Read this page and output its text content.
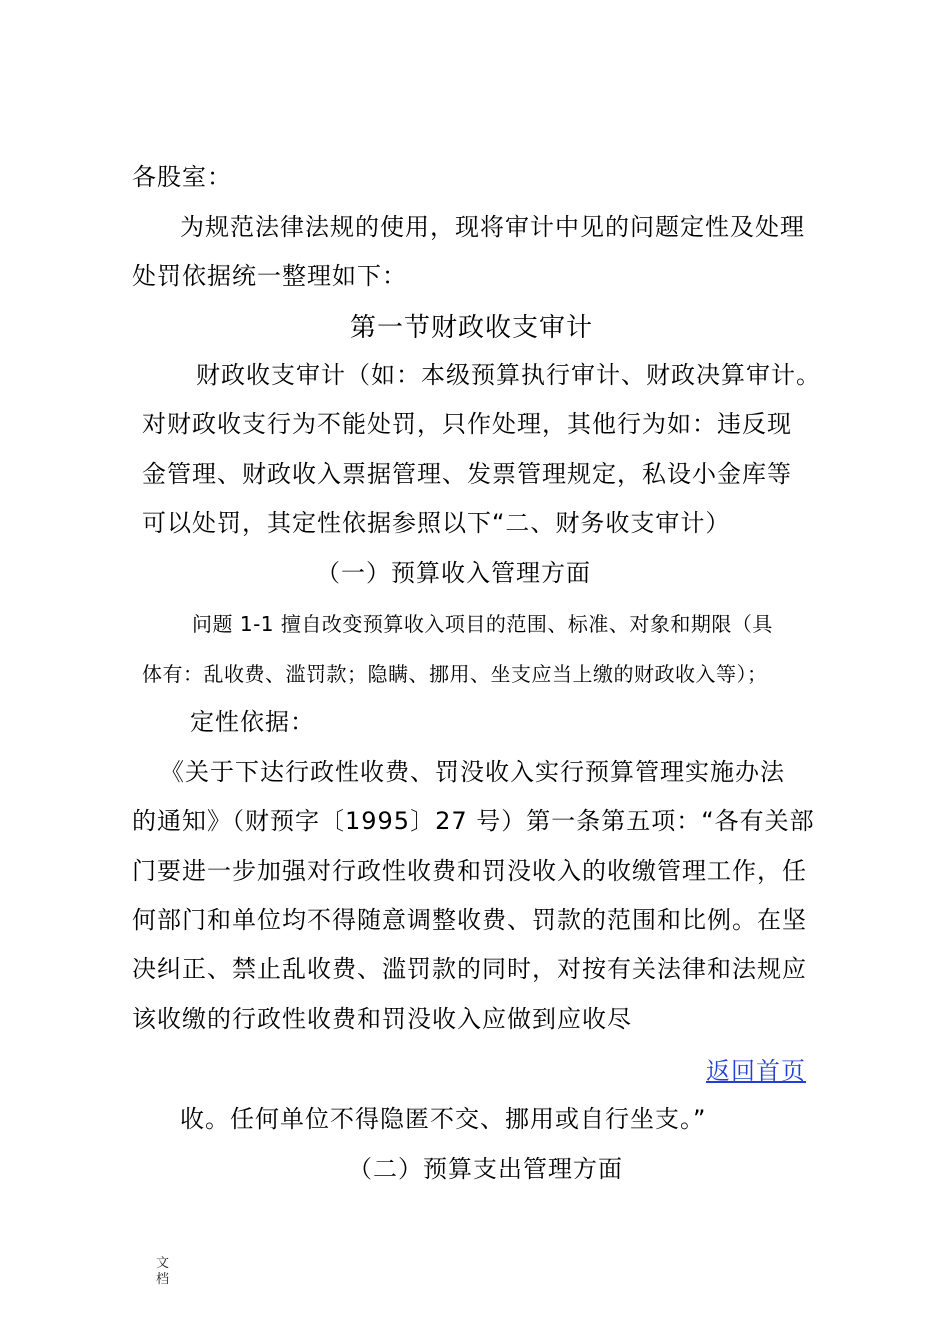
各股室：
为规范法律法规的使用，现将审计中见的问题定性及处理
处罚依据统一整理如下：
第一节财政收支审计
财政收支审计（如：本级预算执行审计、财政决算审计。
对财政收支行为不能处罚，只作处理，其他行为如：违反现
金管理、财政收入票据管理、发票管理规定，私设小金库等
可以处罚，其定性依据参照以下“二、财务收支审计）
（一）预算收入管理方面
问题 1-1 擅自改变预算收入项目的范围、标准、对象和期限（具
体有：乱收费、滥罚款；隐瞒、挪用、坐支应当上缴的财政收入等）；
定性依据：
《关于下达行政性收费、罚没收入实行预算管理实施办法
的通知》（财预字〔1995〕27 号）第一条第五项：“各有关部
门要进一步加强对行政性收费和罚没收入的收缴管理工作，任
何部门和单位均不得随意调整收费、罚款的范围和比例。在坚
决纠正、禁止乱收费、滥罚款的同时，对按有关法律和法规应
该收缴的行政性收费和罚没收入应做到应收尽
返回首页
收。任何单位不得隐匿不交、挪用或自行坐支。”
（二）预算支出管理方面
文档
